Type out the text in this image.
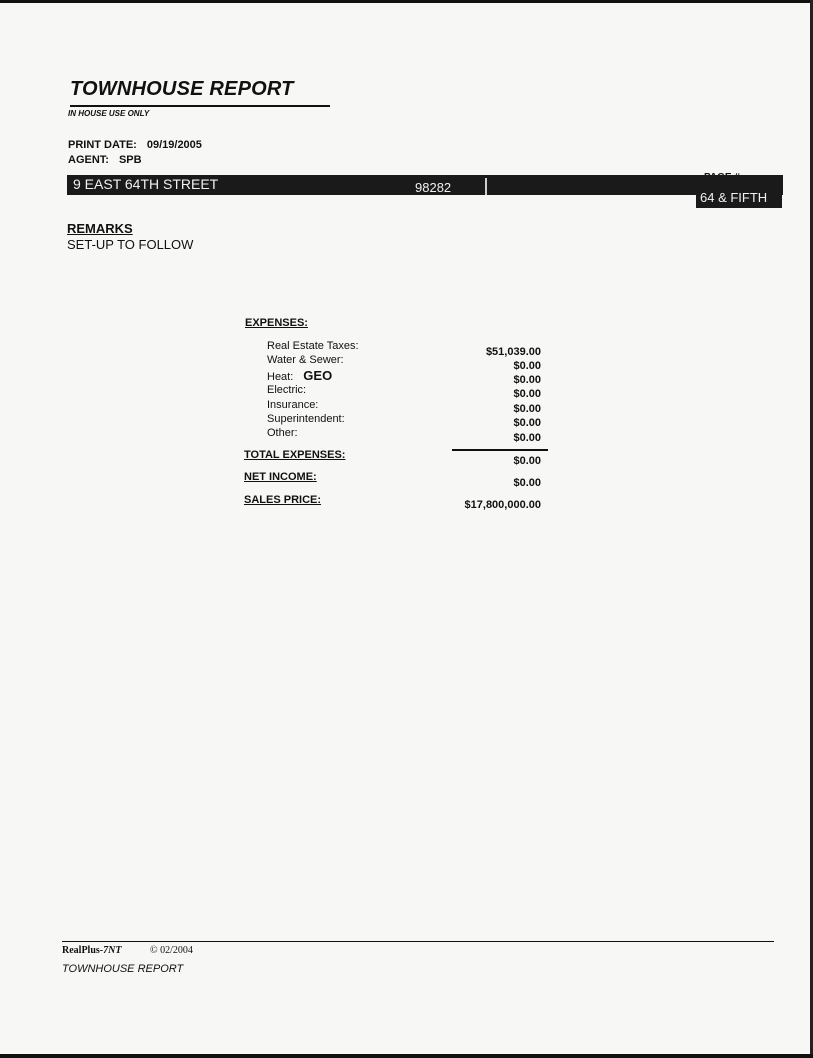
TOWNHOUSE REPORT
IN HOUSE USE ONLY
PRINT DATE: 09/19/2005
AGENT: SPB
9 EAST 64TH STREET	98282
64 & FIFTH
REMARKS
SET-UP TO FOLLOW
EXPENSES:
Real Estate Taxes:	$51,039.00
Water & Sewer:	$0.00
Heat: GEO	$0.00
Electric:	$0.00
Insurance:	$0.00
Superintendent:	$0.00
Other:	$0.00
TOTAL EXPENSES:	$0.00
NET INCOME:	$0.00
SALES PRICE:	$17,800,000.00
RealPlus-7NT	© 02/2004
TOWNHOUSE REPORT
